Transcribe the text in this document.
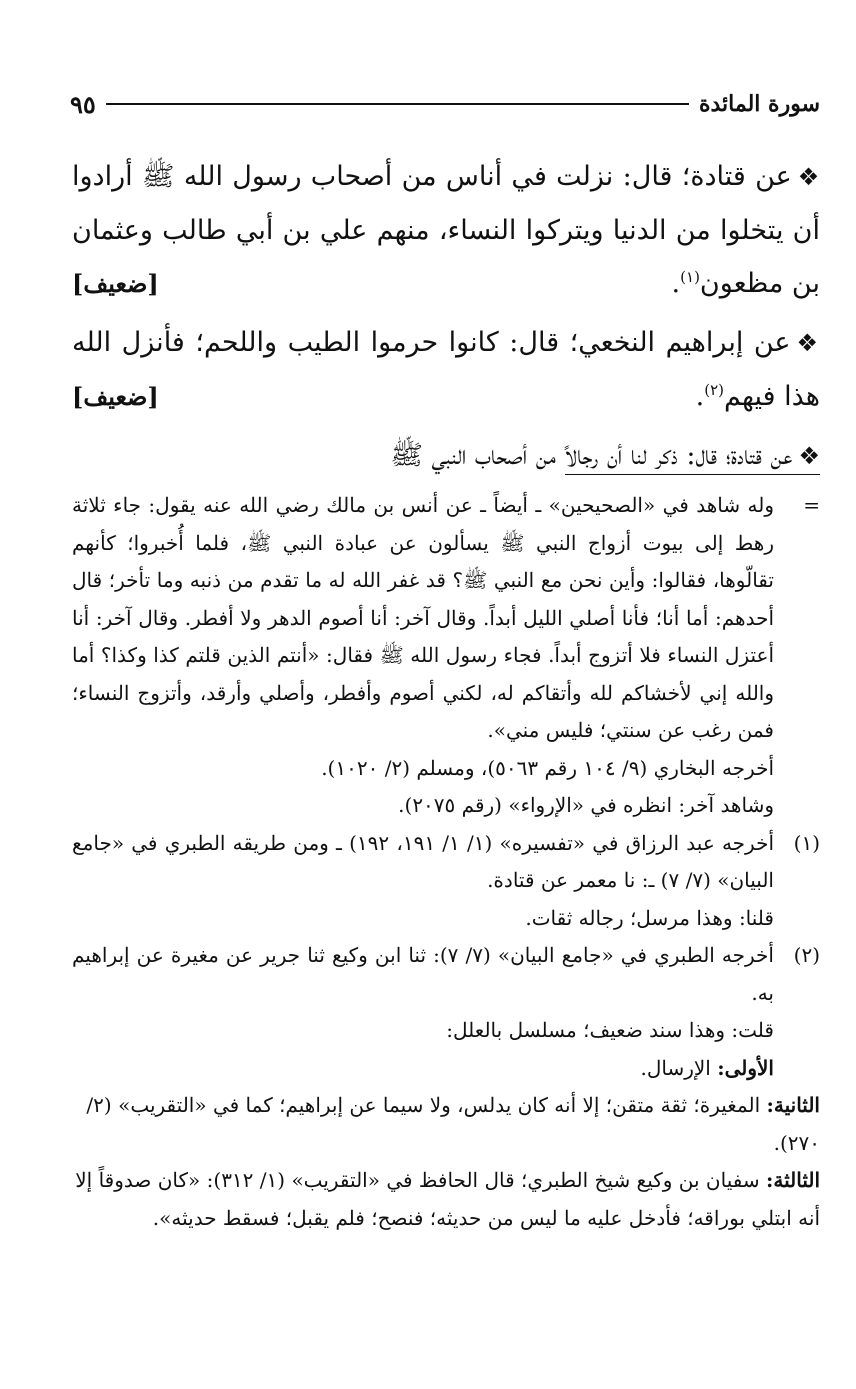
سورة المائدة
٩٥

❖عن قتادة؛ قال: نزلت في أناس من أصحاب رسول الله ﷺ أرادوا أن يتخلوا من الدنيا ويتركوا النساء، منهم علي بن أبي طالب وعثمان بن مظعون$^{(١)}$.
[ضعيف]

❖عن إبراهيم النخعي؛ قال: كانوا حرموا الطيب واللحم؛ فأنزل الله هذا فيهم$^{(٢)}$.
[ضعيف]

❖عن قتادة؛ قال: ذكر لنا أن رجالاً من أصحاب النبي ﷺ

=

وله شاهد في «الصحيحين» ـ أيضاً ـ عن أنس بن مالك رضي الله عنه يقول: جاء ثلاثة رهط إلى بيوت أزواج النبي ﷺ يسألون عن عبادة النبي ﷺ، فلما أُخبروا؛ كأنهم تقالّوها، فقالوا: وأين نحن مع النبي ﷺ؟ قد غفر الله له ما تقدم من ذنبه وما تأخر؛ قال أحدهم: أما أنا؛ فأنا أصلي الليل أبداً. وقال آخر: أنا أصوم الدهر ولا أفطر. وقال آخر: أنا أعتزل النساء فلا أتزوج أبداً. فجاء رسول الله ﷺ فقال: «أنتم الذين قلتم كذا وكذا؟ أما والله إني لأخشاكم لله وأتقاكم له، لكني أصوم وأفطر، وأصلي وأرقد، وأتزوج النساء؛ فمن رغب عن سنتي؛ فليس مني».

أخرجه البخاري (٩/ ١٠٤ رقم ٥٠٦٣)، ومسلم (٢/ ١٠٢٠).

وشاهد آخر: انظره في «الإرواء» (رقم ٢٠٧٥).

(١)

أخرجه عبد الرزاق في «تفسيره» (١/ ١/ ١٩١، ١٩٢) ـ ومن طريقه الطبري في «جامع البيان» (٧/ ٧) ـ: نا معمر عن قتادة.

قلنا: وهذا مرسل؛ رجاله ثقات.

(٢)

أخرجه الطبري في «جامع البيان» (٧/ ٧): ثنا ابن وكيع ثنا جرير عن مغيرة عن إبراهيم به.

قلت: وهذا سند ضعيف؛ مسلسل بالعلل:

الأولى: الإرسال.

الثانية: المغيرة؛ ثقة متقن؛ إلا أنه كان يدلس، ولا سيما عن إبراهيم؛ كما في «التقريب» (٢/ ٢٧٠).

الثالثة: سفيان بن وكيع شيخ الطبري؛ قال الحافظ في «التقريب» (١/ ٣١٢): «كان صدوقاً إلا أنه ابتلي بوراقه؛ فأدخل عليه ما ليس من حديثه؛ فنصح؛ فلم يقبل؛ فسقط حديثه».
